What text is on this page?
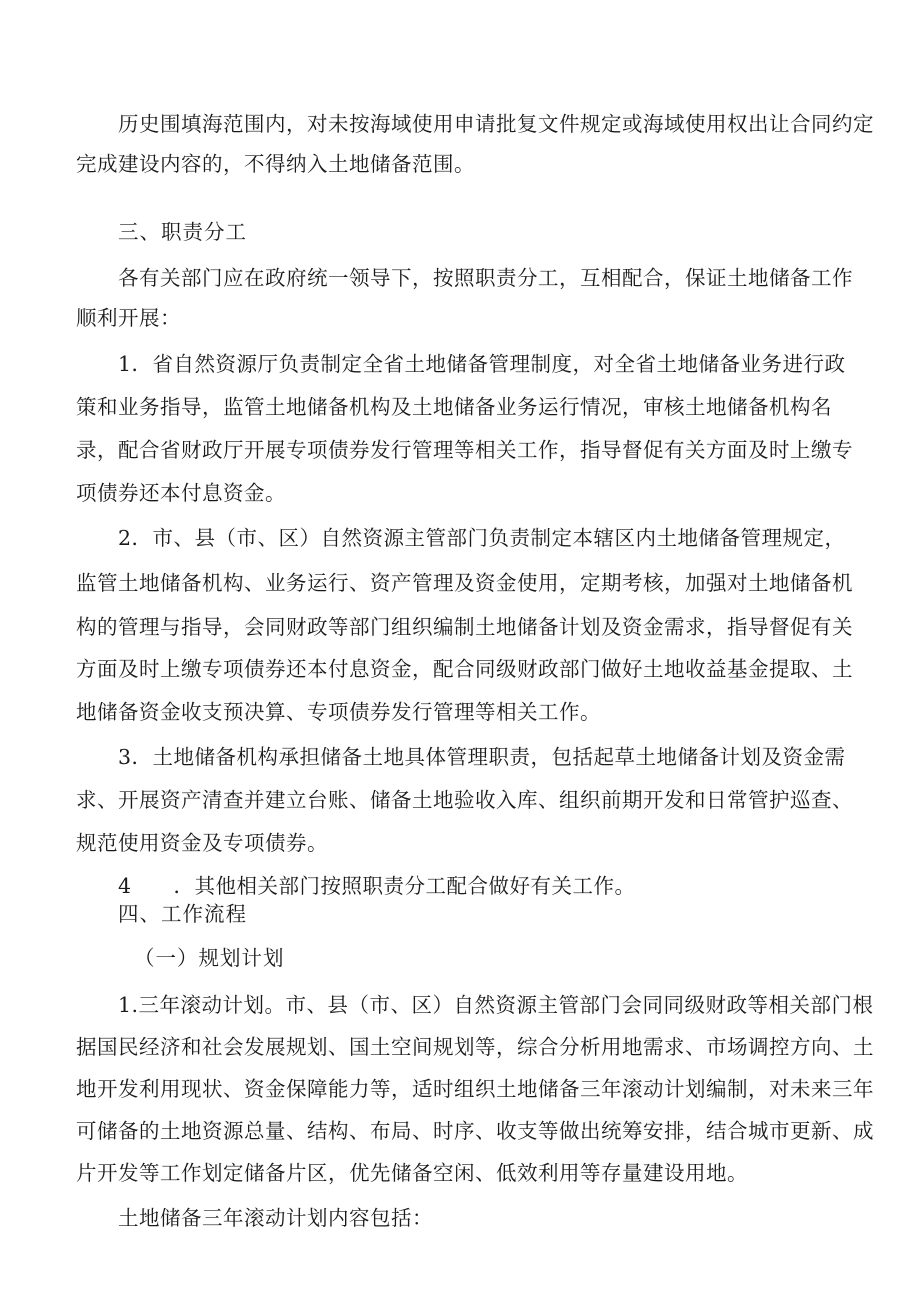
历史围填海范围内，对未按海域使用申请批复文件规定或海域使用权出让合同约定
完成建设内容的，不得纳入土地储备范围。
三、职责分工
各有关部门应在政府统一领导下，按照职责分工，互相配合，保证土地储备工作
顺利开展：
1．省自然资源厅负责制定全省土地储备管理制度，对全省土地储备业务进行政
策和业务指导，监管土地储备机构及土地储备业务运行情况，审核土地储备机构名
录，配合省财政厅开展专项债券发行管理等相关工作，指导督促有关方面及时上缴专
项债券还本付息资金。
2．市、县（市、区）自然资源主管部门负责制定本辖区内土地储备管理规定，
监管土地储备机构、业务运行、资产管理及资金使用，定期考核，加强对土地储备机
构的管理与指导，会同财政等部门组织编制土地储备计划及资金需求，指导督促有关
方面及时上缴专项债券还本付息资金，配合同级财政部门做好土地收益基金提取、土
地储备资金收支预决算、专项债券发行管理等相关工作。
3．土地储备机构承担储备土地具体管理职责，包括起草土地储备计划及资金需
求、开展资产清查并建立台账、储备土地验收入库、组织前期开发和日常管护巡查、
规范使用资金及专项债券。
4　　．其他相关部门按照职责分工配合做好有关工作。
四、工作流程
（一）规划计划
1.三年滚动计划。市、县（市、区）自然资源主管部门会同同级财政等相关部门根
据国民经济和社会发展规划、国土空间规划等，综合分析用地需求、市场调控方向、土
地开发利用现状、资金保障能力等，适时组织土地储备三年滚动计划编制，对未来三年
可储备的土地资源总量、结构、布局、时序、收支等做出统筹安排，结合城市更新、成
片开发等工作划定储备片区，优先储备空闲、低效利用等存量建设用地。
土地储备三年滚动计划内容包括：
